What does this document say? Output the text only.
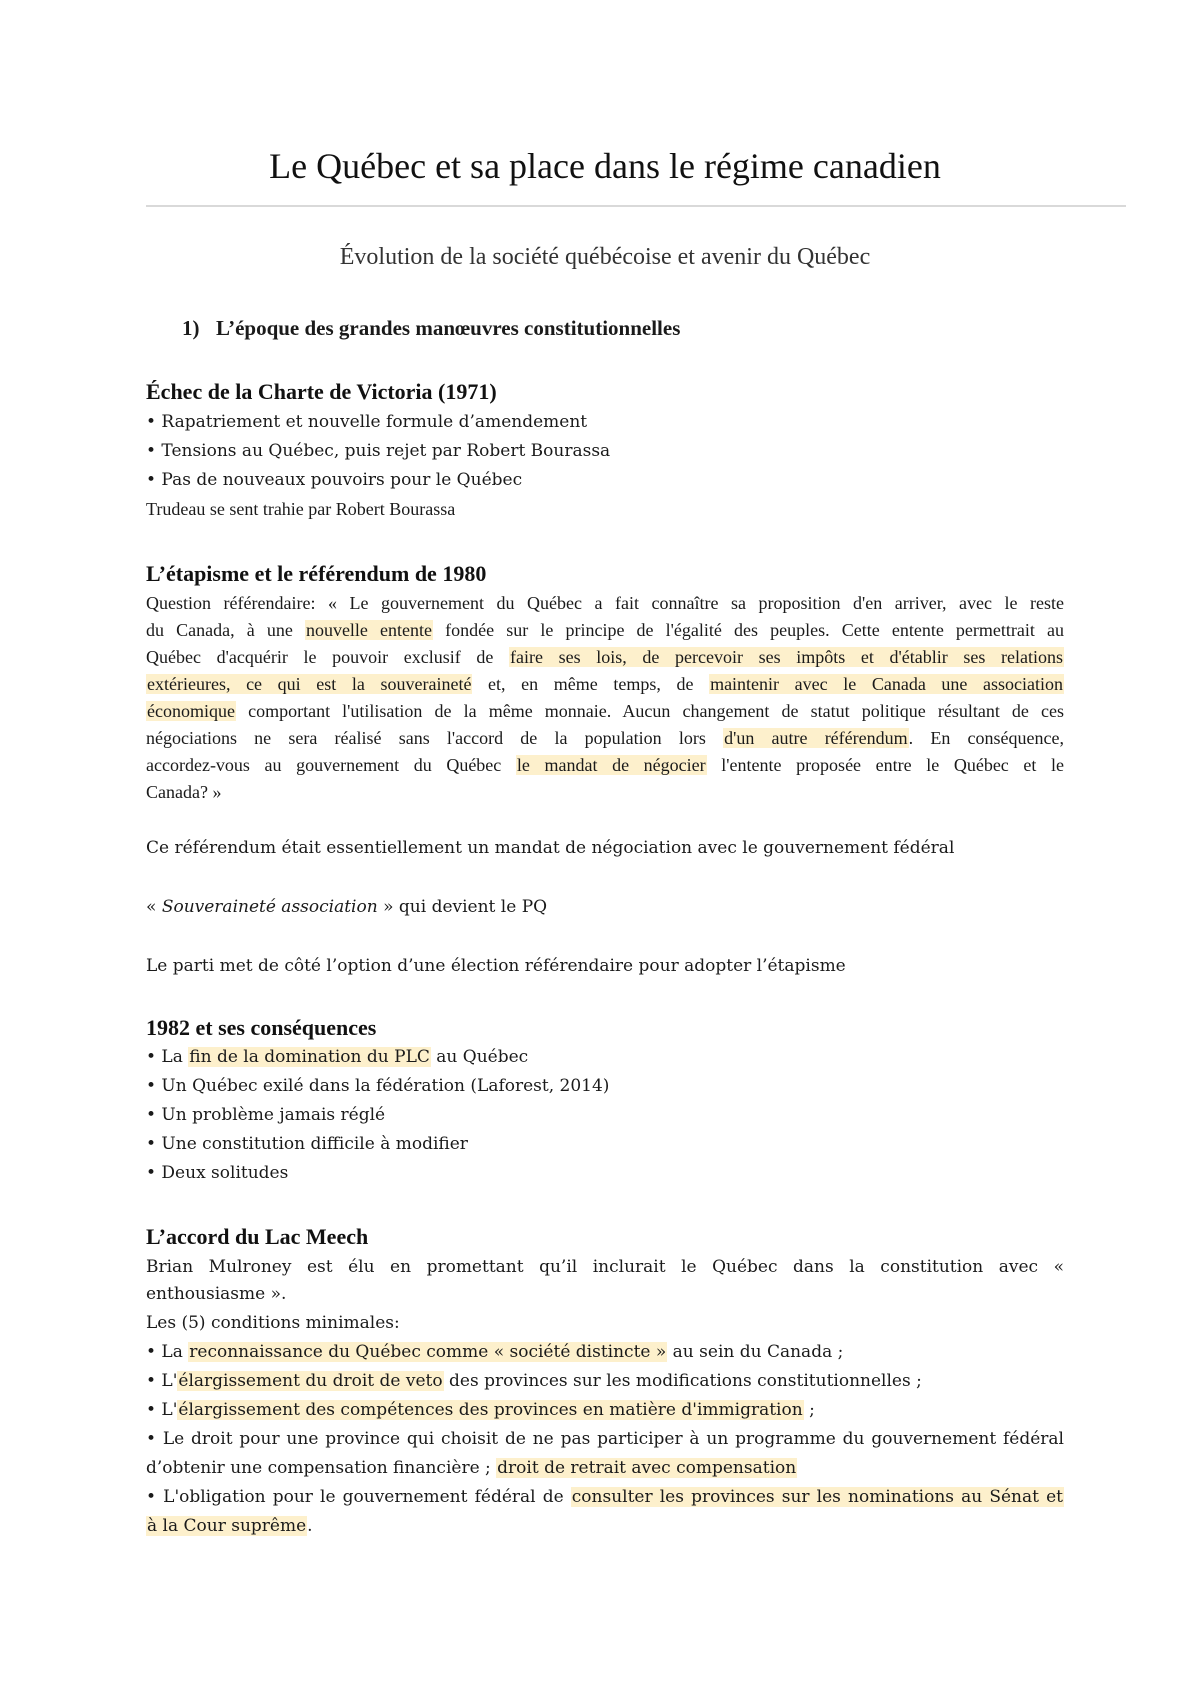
Le Québec et sa place dans le régime canadien
Évolution de la société québécoise et avenir du Québec
1) L’époque des grandes manœuvres constitutionnelles
Échec de la Charte de Victoria (1971)
• Rapatriement et nouvelle formule d’amendement
• Tensions au Québec, puis rejet par Robert Bourassa
• Pas de nouveaux pouvoirs pour le Québec
Trudeau se sent trahie par Robert Bourassa
L’étapisme et le référendum de 1980
Question référendaire: « Le gouvernement du Québec a fait connaître sa proposition d'en arriver, avec le reste
du Canada, à une nouvelle entente fondée sur le principe de l'égalité des peuples. Cette entente permettrait au
Québec d'acquérir le pouvoir exclusif de faire ses lois, de percevoir ses impôts et d'établir ses relations
extérieures, ce qui est la souveraineté et, en même temps, de maintenir avec le Canada une association
économique comportant l'utilisation de la même monnaie. Aucun changement de statut politique résultant de ces
négociations ne sera réalisé sans l'accord de la population lors d'un autre référendum. En conséquence,
accordez-vous au gouvernement du Québec le mandat de négocier l'entente proposée entre le Québec et le
Canada? »
Ce référendum était essentiellement un mandat de négociation avec le gouvernement fédéral
« Souveraineté association » qui devient le PQ
Le parti met de côté l’option d’une élection référendaire pour adopter l’étapisme
1982 et ses conséquences
• La fin de la domination du PLC au Québec
• Un Québec exilé dans la fédération (Laforest, 2014)
• Un problème jamais réglé
• Une constitution difficile à modifier
• Deux solitudes
L’accord du Lac Meech
Brian Mulroney est élu en promettant qu’il inclurait le Québec dans la constitution avec «
enthousiasme ».
Les (5) conditions minimales:
• La reconnaissance du Québec comme « société distincte » au sein du Canada ;
• L'élargissement du droit de veto des provinces sur les modifications constitutionnelles ;
• L'élargissement des compétences des provinces en matière d'immigration ;
• Le droit pour une province qui choisit de ne pas participer à un programme du gouvernement fédéral
d’obtenir une compensation financière ; droit de retrait avec compensation
• L'obligation pour le gouvernement fédéral de consulter les provinces sur les nominations au Sénat et
à la Cour suprême.
